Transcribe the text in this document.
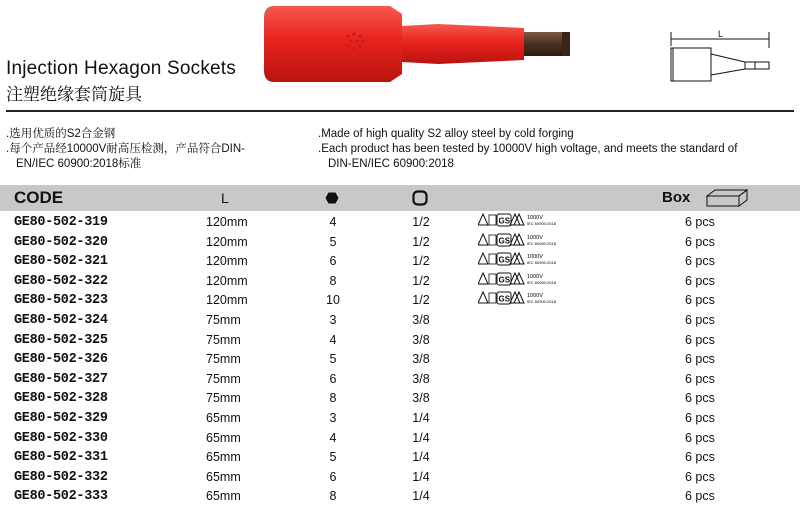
L
Injection Hexagon Sockets
注塑绝缘套筒旋具
.选用优质的S2合金钢
.每个产品经10000V耐高压检测，产品符合DIN-
EN/IEC 60900:2018标准
.Made of high quality S2 alloy steel by cold forging
.Each product has been tested by 10000V high voltage, and meets the standard of
DIN-EN/IEC 60900:2018
CODE	L	Box
GE80-502-319	120mm	4	1/2	6 pcs
GS	1000V
IEC 60900:2018
GE80-502-320	120mm	5	1/2	6 pcs
GS	1000V
IEC 60900:2018
GE80-502-321	120mm	6	1/2	6 pcs
GS	1000V
IEC 60900:2018
GE80-502-322	120mm	8	1/2	6 pcs
GS	1000V
IEC 60900:2018
GE80-502-323	120mm	10	1/2	6 pcs
GS	1000V
IEC 60900:2018
GE80-502-324	75mm	3	3/8	6 pcs
GE80-502-325	75mm	4	3/8	6 pcs
GE80-502-326	75mm	5	3/8	6 pcs
GE80-502-327	75mm	6	3/8	6 pcs
GE80-502-328	75mm	8	3/8	6 pcs
GE80-502-329	65mm	3	1/4	6 pcs
GE80-502-330	65mm	4	1/4	6 pcs
GE80-502-331	65mm	5	1/4	6 pcs
GE80-502-332	65mm	6	1/4	6 pcs
GE80-502-333	65mm	8	1/4	6 pcs
